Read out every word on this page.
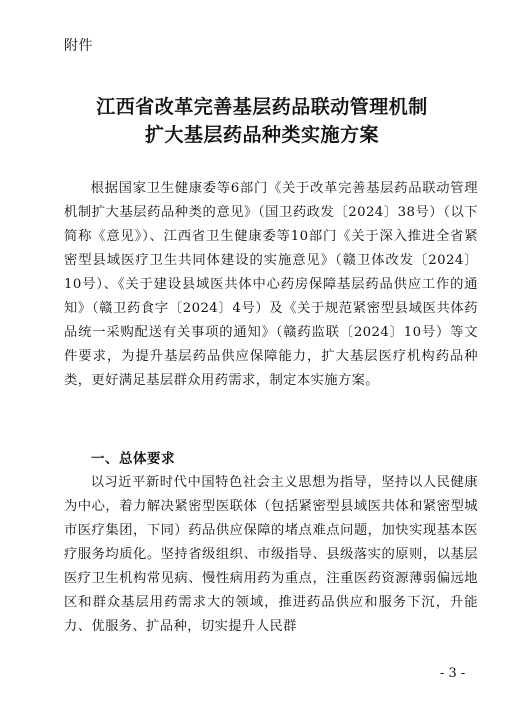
附件
江西省改革完善基层药品联动管理机制
扩大基层药品种类实施方案
根据国家卫生健康委等6部门《关于改革完善基层药品联动管理机制扩大基层药品种类的意见》（国卫药政发〔2024〕38号）（以下简称《意见》）、江西省卫生健康委等10部门《关于深入推进全省紧密型县域医疗卫生共同体建设的实施意见》（赣卫体改发〔2024〕10号）、《关于建设县域医共体中心药房保障基层药品供应工作的通知》（赣卫药食字〔2024〕4号）及《关于规范紧密型县域医共体药品统一采购配送有关事项的通知》（赣药监联〔2024〕10号）等文件要求，为提升基层药品供应保障能力，扩大基层医疗机构药品种类，更好满足基层群众用药需求，制定本实施方案。
一、总体要求
以习近平新时代中国特色社会主义思想为指导，坚持以人民健康为中心，着力解决紧密型医联体（包括紧密型县域医共体和紧密型城市医疗集团，下同）药品供应保障的堵点难点问题，加快实现基本医疗服务均质化。坚持省级组织、市级指导、县级落实的原则，以基层医疗卫生机构常见病、慢性病用药为重点，注重医药资源薄弱偏远地区和群众基层用药需求大的领域，推进药品供应和服务下沉，升能力、优服务、扩品种，切实提升人民群
- 3 -
